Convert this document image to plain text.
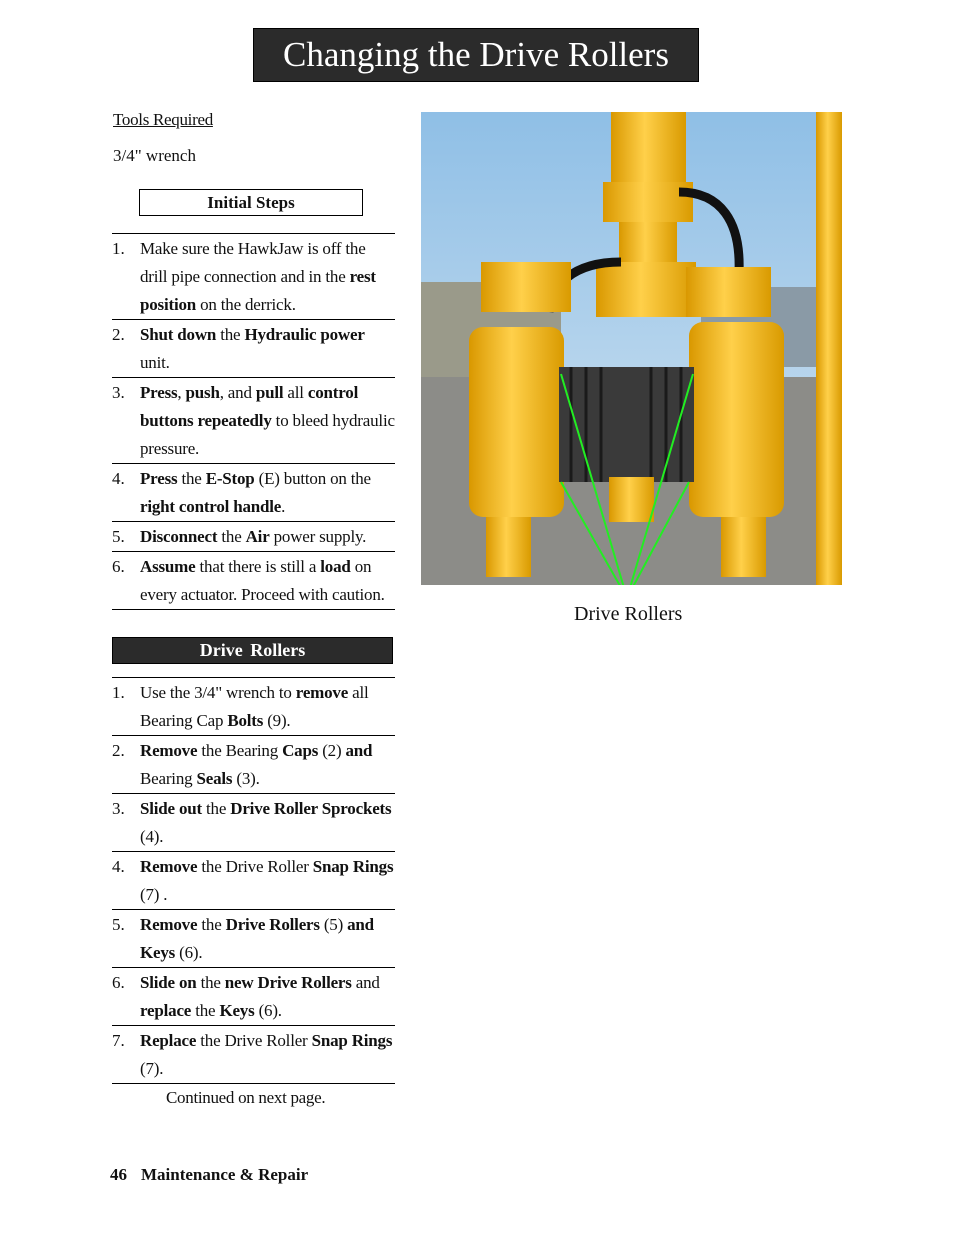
Changing the Drive Rollers
Tools Required
3/4" wrench
Initial Steps
1. Make sure the HawkJaw is off the drill pipe connection and in the rest position on the derrick.
2. Shut down the Hydraulic power unit.
3. Press, push, and pull all control buttons repeatedly to bleed hydraulic pressure.
4. Press the E-Stop (E) button on the right control handle.
5. Disconnect the Air power supply.
6. Assume that there is still a load on every actuator. Proceed with caution.
Drive Rollers
1. Use the 3/4" wrench to remove all Bearing Cap Bolts (9).
2. Remove the Bearing Caps (2) and Bearing Seals (3).
3. Slide out the Drive Roller Sprockets (4).
4. Remove the Drive Roller Snap Rings (7) .
5. Remove the Drive Rollers (5) and Keys (6).
6. Slide on the new Drive Rollers and replace the Keys (6).
7. Replace the Drive Roller Snap Rings (7).
Continued on next page.
46 Maintenance & Repair
Drive Rollers
